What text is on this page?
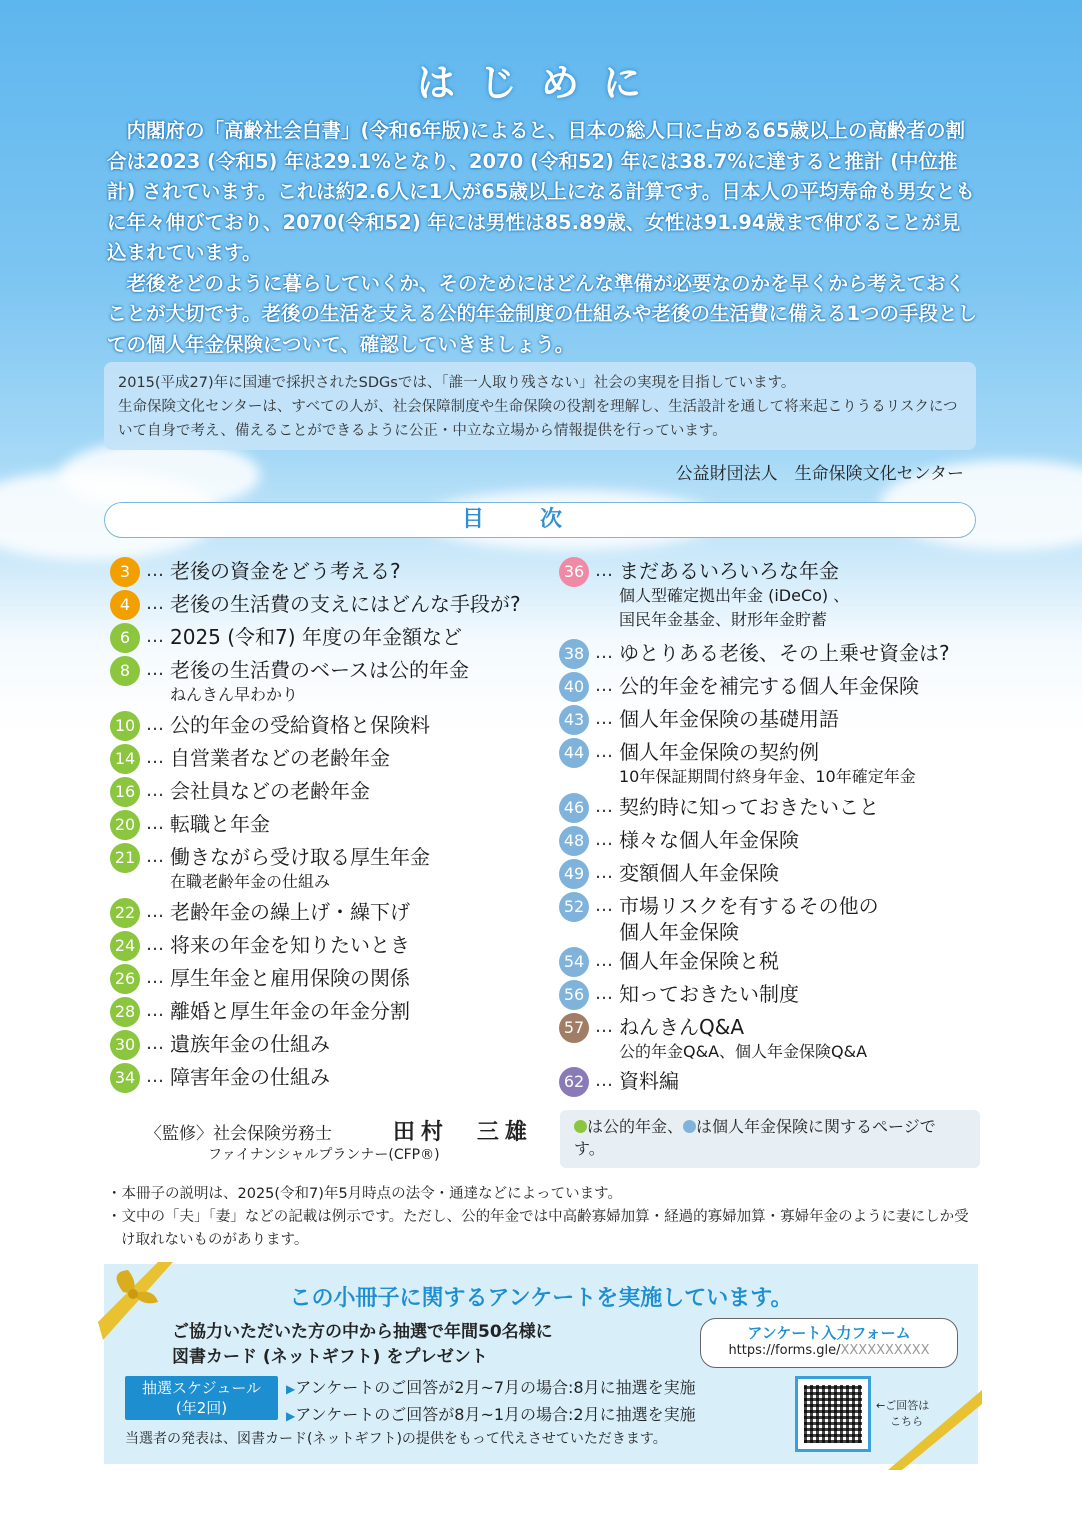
はじめに

内閣府の「高齢社会白書」(令和6年版)によると、日本の総人口に占める65歳以上の高齢者の割合は2023 (令和5) 年は29.1%となり、2070 (令和52) 年には38.7%に達すると推計 (中位推計) されています。これは約2.6人に1人が65歳以上になる計算です。日本人の平均寿命も男女ともに年々伸びており、2070(令和52) 年には男性は85.89歳、女性は91.94歳まで伸びることが見込まれています。

老後をどのように暮らしていくか、そのためにはどんな準備が必要なのかを早くから考えておくことが大切です。老後の生活を支える公的年金制度の仕組みや老後の生活費に備える1つの手段としての個人年金保険について、確認していきましょう。

2015(平成27)年に国連で採択されたSDGsでは、「誰一人取り残さない」社会の実現を目指しています。

生命保険文化センターは、すべての人が、社会保障制度や生命保険の役割を理解し、生活設計を通して将来起こりうるリスクについて自身で考え、備えることができるように公正・中立な立場から情報提供を行っています。

公益財団法人　生命保険文化センター
目次
3 … 老後の資金をどう考える?
4 … 老後の生活費の支えにはどんな手段が?
6 … 2025 (令和7) 年度の年金額など
8 … 老後の生活費のベースは公的年金
ねんきん早わかり
10 … 公的年金の受給資格と保険料
14 … 自営業者などの老齢年金
16 … 会社員などの老齢年金
20 … 転職と年金
21 … 働きながら受け取る厚生年金
在職老齢年金の仕組み
22 … 老齢年金の繰上げ・繰下げ
24 … 将来の年金を知りたいとき
26 … 厚生年金と雇用保険の関係
28 … 離婚と厚生年金の年金分割
30 … 遺族年金の仕組み
34 … 障害年金の仕組み
36 … まだあるいろいろな年金
個人型確定拠出年金 (iDeCo) 、
国民年金基金、財形年金貯蓄
38 … ゆとりある老後、その上乗せ資金は?
40 … 公的年金を補完する個人年金保険
43 … 個人年金保険の基礎用語
44 … 個人年金保険の契約例
10年保証期間付終身年金、10年確定年金
46 … 契約時に知っておきたいこと
48 … 様々な個人年金保険
49 … 変額個人年金保険
52 … 市場リスクを有するその他の
個人年金保険
54 … 個人年金保険と税
56 … 知っておきたい制度
57 … ねんきんQ&A
公的年金Q&A、個人年金保険Q&A
62 … 資料編
〈監修〉社会保険労務士	田村　三雄
ファイナンシャルプランナー(CFP®)
は公的年金、 は個人年金保険に関するページです。

・本冊子の説明は、2025(令和7)年5月時点の法令・通達などによっています。

・文中の「夫」「妻」などの記載は例示です。ただし、公的年金では中高齢寡婦加算・経過的寡婦加算・寡婦年金のように妻にしか受け取れないものがあります。

この小冊子に関するアンケートを実施しています。

ご協力いただいた方の中から抽選で年間50名様に

図書カード (ネットギフト) をプレゼント

抽選スケジュール
(年2回)

▶アンケートのご回答が2月~7月の場合:8月に抽選を実施

▶アンケートのご回答が8月~1月の場合:2月に抽選を実施

当選者の発表は、図書カード(ネットギフト)の提供をもって代えさせていただきます。
アンケート入力フォーム
https://forms.gle/XXXXXXXXXX
←ご回答は
こちら
